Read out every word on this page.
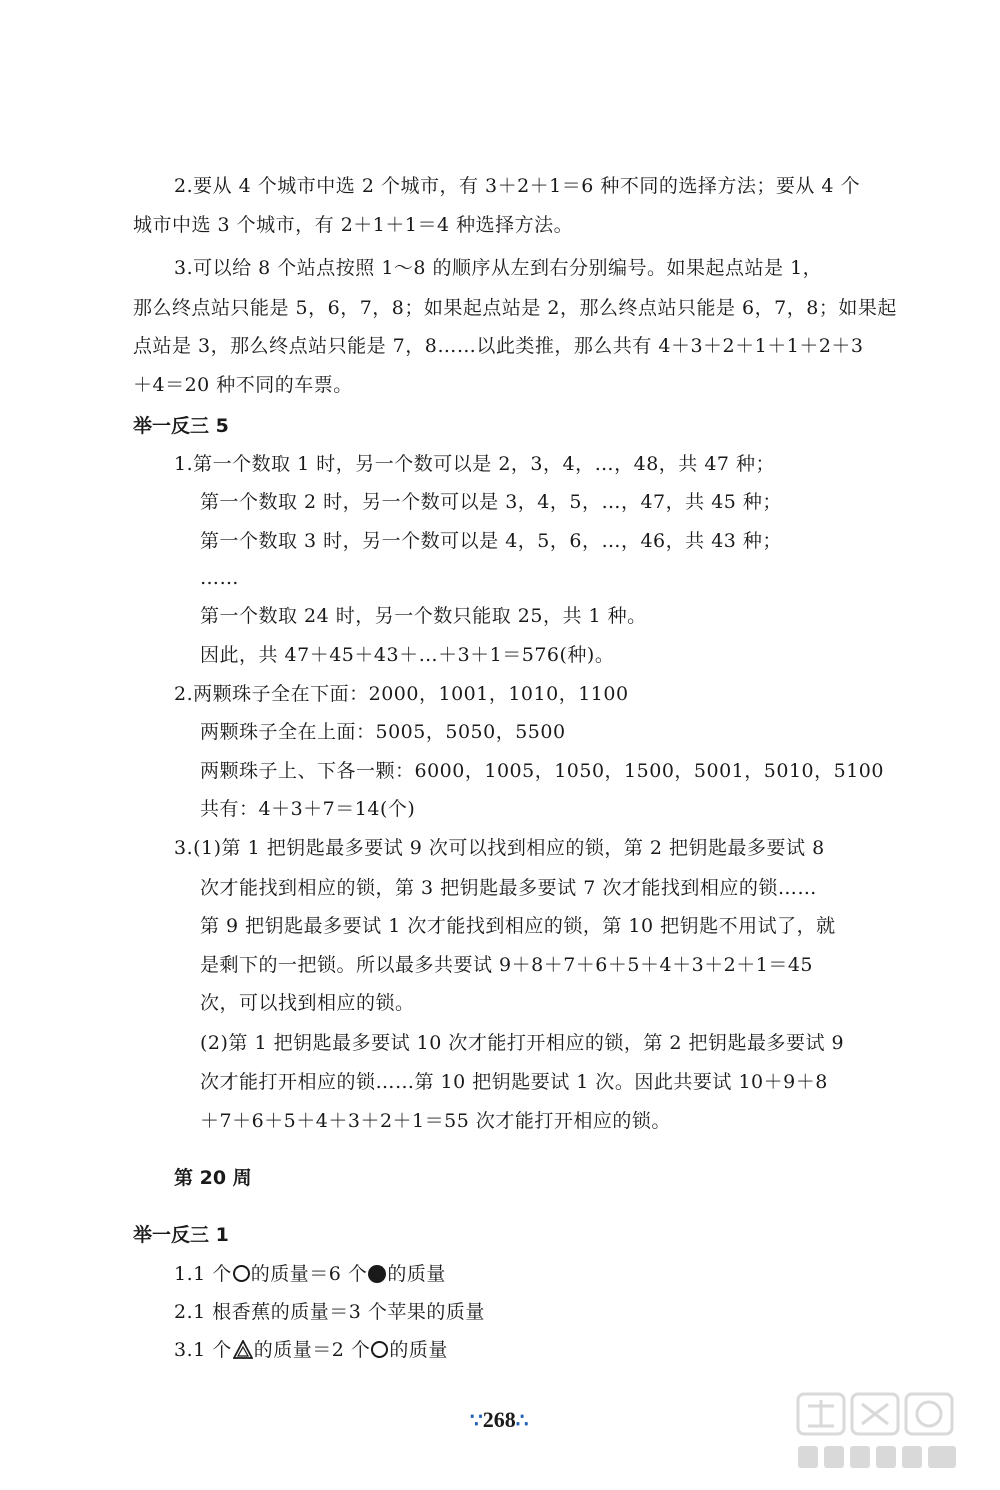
2.要从 4 个城市中选 2 个城市，有 3＋2＋1＝6 种不同的选择方法；要从 4 个
城市中选 3 个城市，有 2＋1＋1＝4 种选择方法。
3.可以给 8 个站点按照 1～8 的顺序从左到右分别编号。如果起点站是 1，
那么终点站只能是 5，6，7，8；如果起点站是 2，那么终点站只能是 6，7，8；如果起
点站是 3，那么终点站只能是 7，8……以此类推，那么共有 4＋3＋2＋1＋1＋2＋3
＋4＝20 种不同的车票。
举一反三 5
1.第一个数取 1 时，另一个数可以是 2，3，4，…，48，共 47 种；
第一个数取 2 时，另一个数可以是 3，4，5，…，47，共 45 种；
第一个数取 3 时，另一个数可以是 4，5，6，…，46，共 43 种；
……
第一个数取 24 时，另一个数只能取 25，共 1 种。
因此，共 47＋45＋43＋…＋3＋1＝576(种)。
2.两颗珠子全在下面：2000，1001，1010，1100
两颗珠子全在上面：5005，5050，5500
两颗珠子上、下各一颗：6000，1005，1050，1500，5001，5010，5100
共有：4＋3＋7＝14(个)
3.(1)第 1 把钥匙最多要试 9 次可以找到相应的锁，第 2 把钥匙最多要试 8
次才能找到相应的锁，第 3 把钥匙最多要试 7 次才能找到相应的锁……
第 9 把钥匙最多要试 1 次才能找到相应的锁，第 10 把钥匙不用试了，就
是剩下的一把锁。所以最多共要试 9＋8＋7＋6＋5＋4＋3＋2＋1＝45
次，可以找到相应的锁。
(2)第 1 把钥匙最多要试 10 次才能打开相应的锁，第 2 把钥匙最多要试 9
次才能打开相应的锁……第 10 把钥匙要试 1 次。因此共要试 10＋9＋8
＋7＋6＋5＋4＋3＋2＋1＝55 次才能打开相应的锁。
第 20 周
举一反三 1
1.1 个 的质量＝6 个 的质量
2.1 根香蕉的质量＝3 个苹果的质量
3.1 个 的质量＝2 个 的质量
∵268∴
